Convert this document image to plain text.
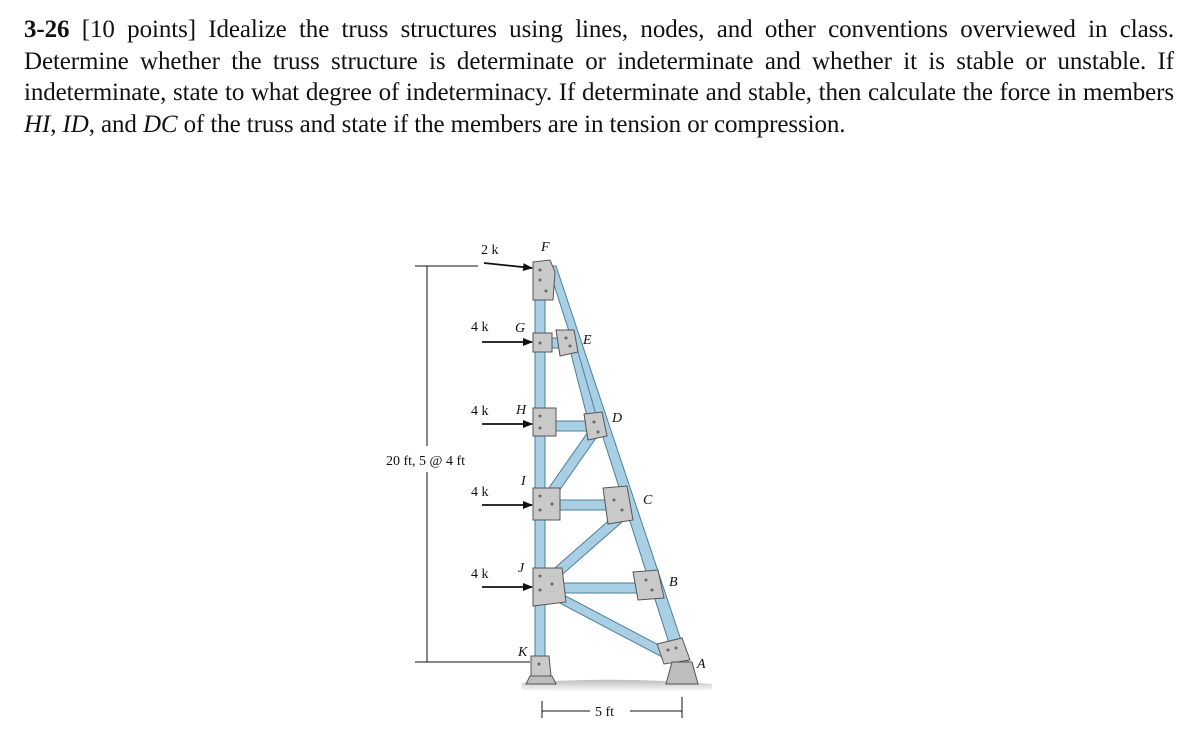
3-26 [10 points] Idealize the truss structures using lines, nodes, and other conventions overviewed in class. Determine whether the truss structure is determinate or indeterminate and whether it is stable or unstable. If indeterminate, state to what degree of indeterminacy. If determinate and stable, then calculate the force in members HI, ID, and DC of the truss and state if the members are in tension or compression.

2 k
4 k
4 k
4 k
4 k
F
G
E
H
D
I
C
J
B
K
A
20 ft, 5 @ 4 ft
5 ft
